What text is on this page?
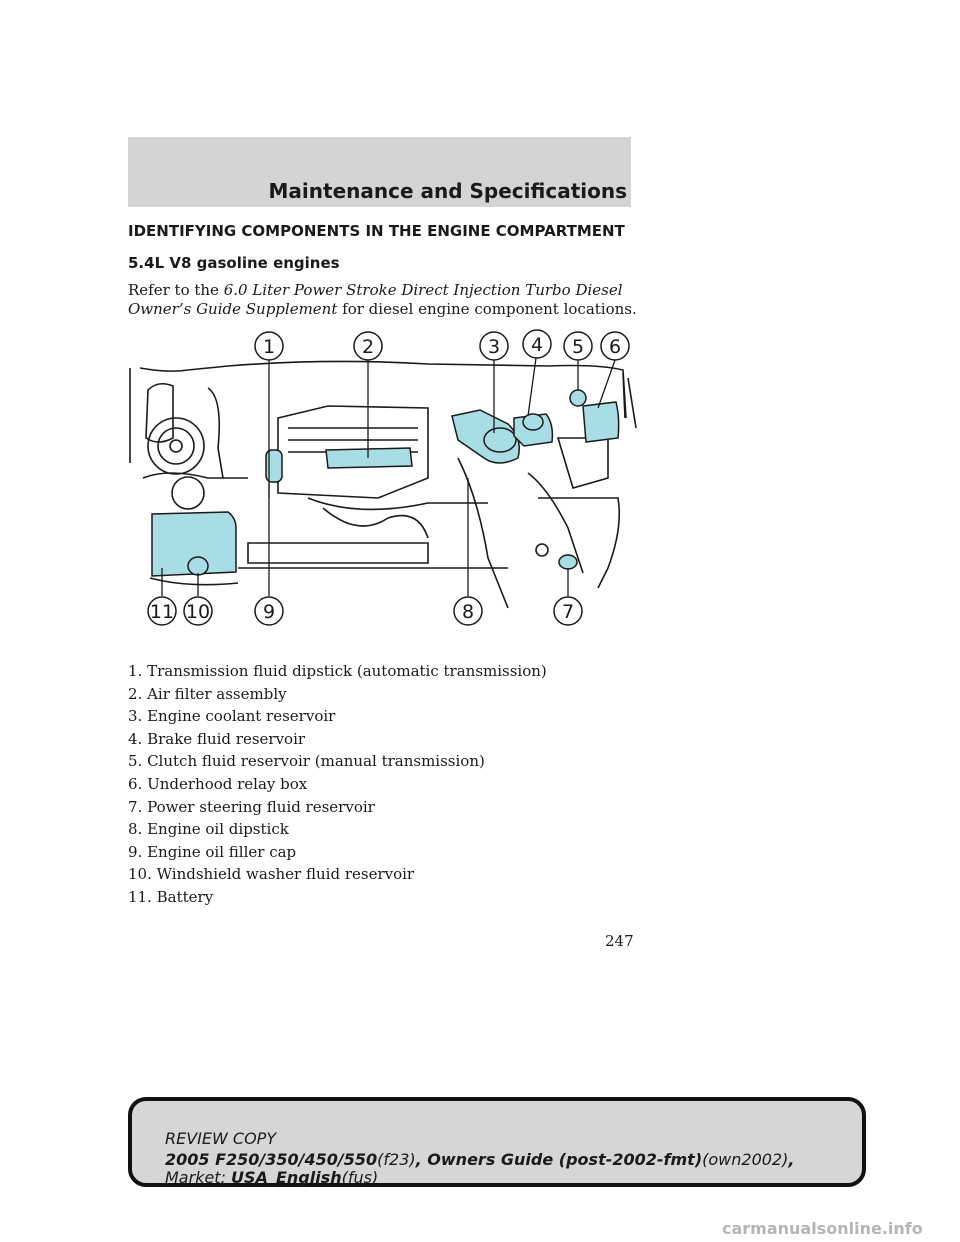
Maintenance and Specifications
IDENTIFYING COMPONENTS IN THE ENGINE COMPARTMENT
5.4L V8 gasoline engines
Refer to the 6.0 Liter Power Stroke Direct Injection Turbo Diesel Owner’s Guide Supplement for diesel engine component locations.
1	2	3 4 5 6
7
8
9
10
11
1. Transmission fluid dipstick (automatic transmission)
2. Air filter assembly
3. Engine coolant reservoir
4. Brake fluid reservoir
5. Clutch fluid reservoir (manual transmission)
6. Underhood relay box
7. Power steering fluid reservoir
8. Engine oil dipstick
9. Engine oil filler cap
10. Windshield washer fluid reservoir
11. Battery
247
REVIEW COPY
2005 F250/350/450/550(f23), Owners Guide (post-2002-fmt)(own2002),
Market: USA_English(fus)
carmanualsonline.info
